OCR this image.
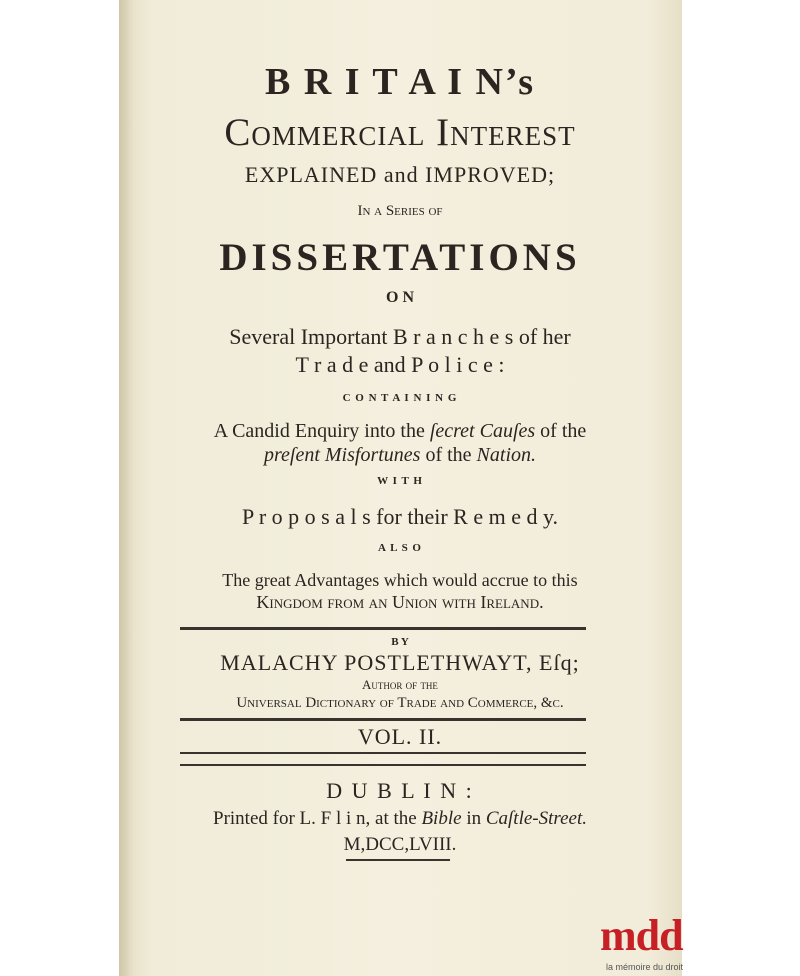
B R I T A I N’s
Commercial Interest
EXPLAINED and IMPROVED;
In a Series of
DISSERTATIONS
O N
Several Important B r a n c h e s of her
T r a d e and P o l i c e :
C O N T A I N I N G
A Candid Enquiry into the ſecret Cauſes of the
preſent Misfortunes of the Nation.
W I T H
P r o p o s a l s for their R e m e d y.
A L S O
The great Advantages which would accrue to this
Kingdom from an Union with Ireland.
B Y
MALACHY POSTLETHWAYT, Eſq;
Author of the
Universal Dictionary of Trade and Commerce, &c.
VOL. II.
D U B L I N :
Printed for L. F l i n, at the Bible in Caſtle-Street.
M,DCC,LVIII.
mdd
la mémoire du droit
